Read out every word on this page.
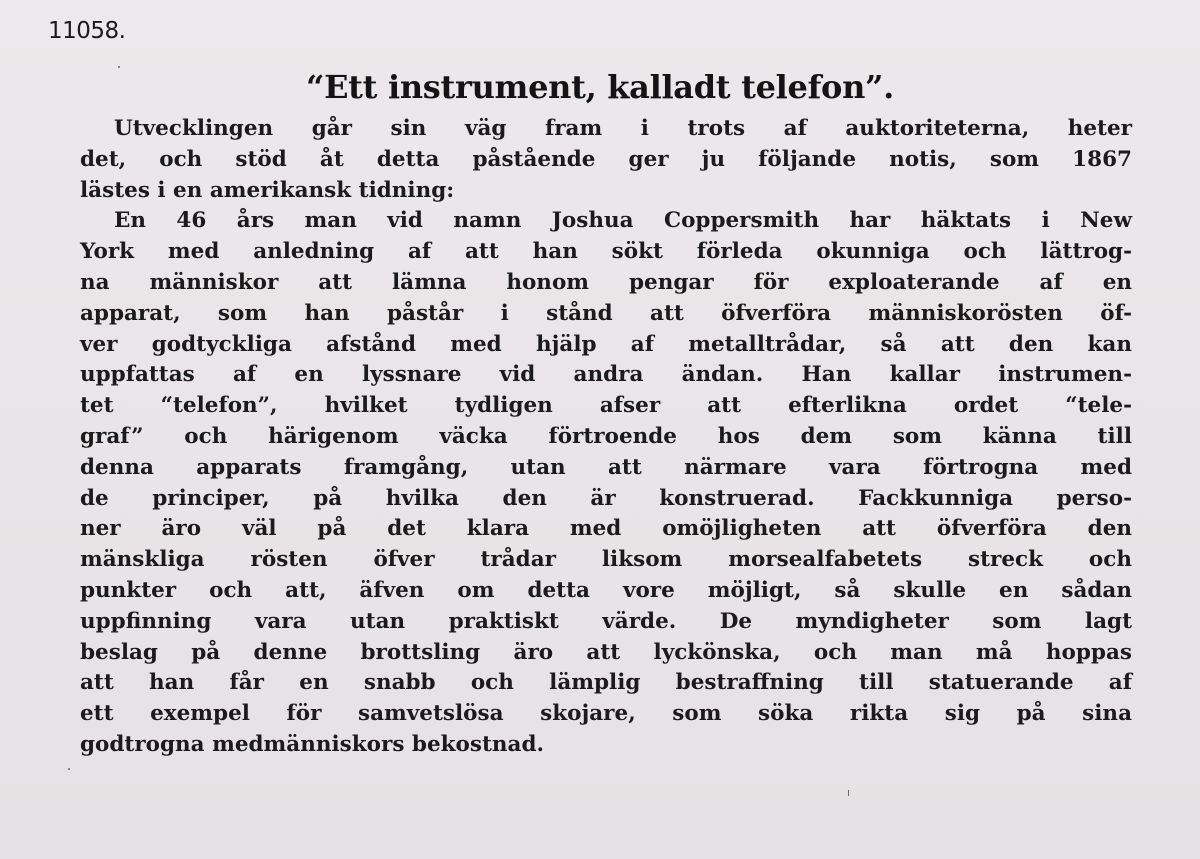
11058.
“Ett instrument, kalladt telefon”.
Utvecklingen går sin väg fram i trots af auktoriteterna, heter
det, och stöd åt detta påstående ger ju följande notis, som 1867
lästes i en amerikansk tidning:
En 46 års man vid namn Joshua Coppersmith har häktats i New
York med anledning af att han sökt förleda okunniga och lättrog-
na människor att lämna honom pengar för exploaterande af en
apparat, som han påstår i stånd att öfverföra människorösten öf-
ver godtyckliga afstånd med hjälp af metalltrådar, så att den kan
uppfattas af en lyssnare vid andra ändan. Han kallar instrumen-
tet “telefon”, hvilket tydligen afser att efterlikna ordet “tele-
graf” och härigenom väcka förtroende hos dem som känna till
denna apparats framgång, utan att närmare vara förtrogna med
de principer, på hvilka den är konstruerad. Fackkunniga perso-
ner äro väl på det klara med omöjligheten att öfverföra den
mänskliga rösten öfver trådar liksom morsealfabetets streck och
punkter och att, äfven om detta vore möjligt, så skulle en sådan
uppfinning vara utan praktiskt värde. De myndigheter som lagt
beslag på denne brottsling äro att lyckönska, och man må hoppas
att han får en snabb och lämplig bestraffning till statuerande af
ett exempel för samvetslösa skojare, som söka rikta sig på sina
godtrogna medmänniskors bekostnad.
